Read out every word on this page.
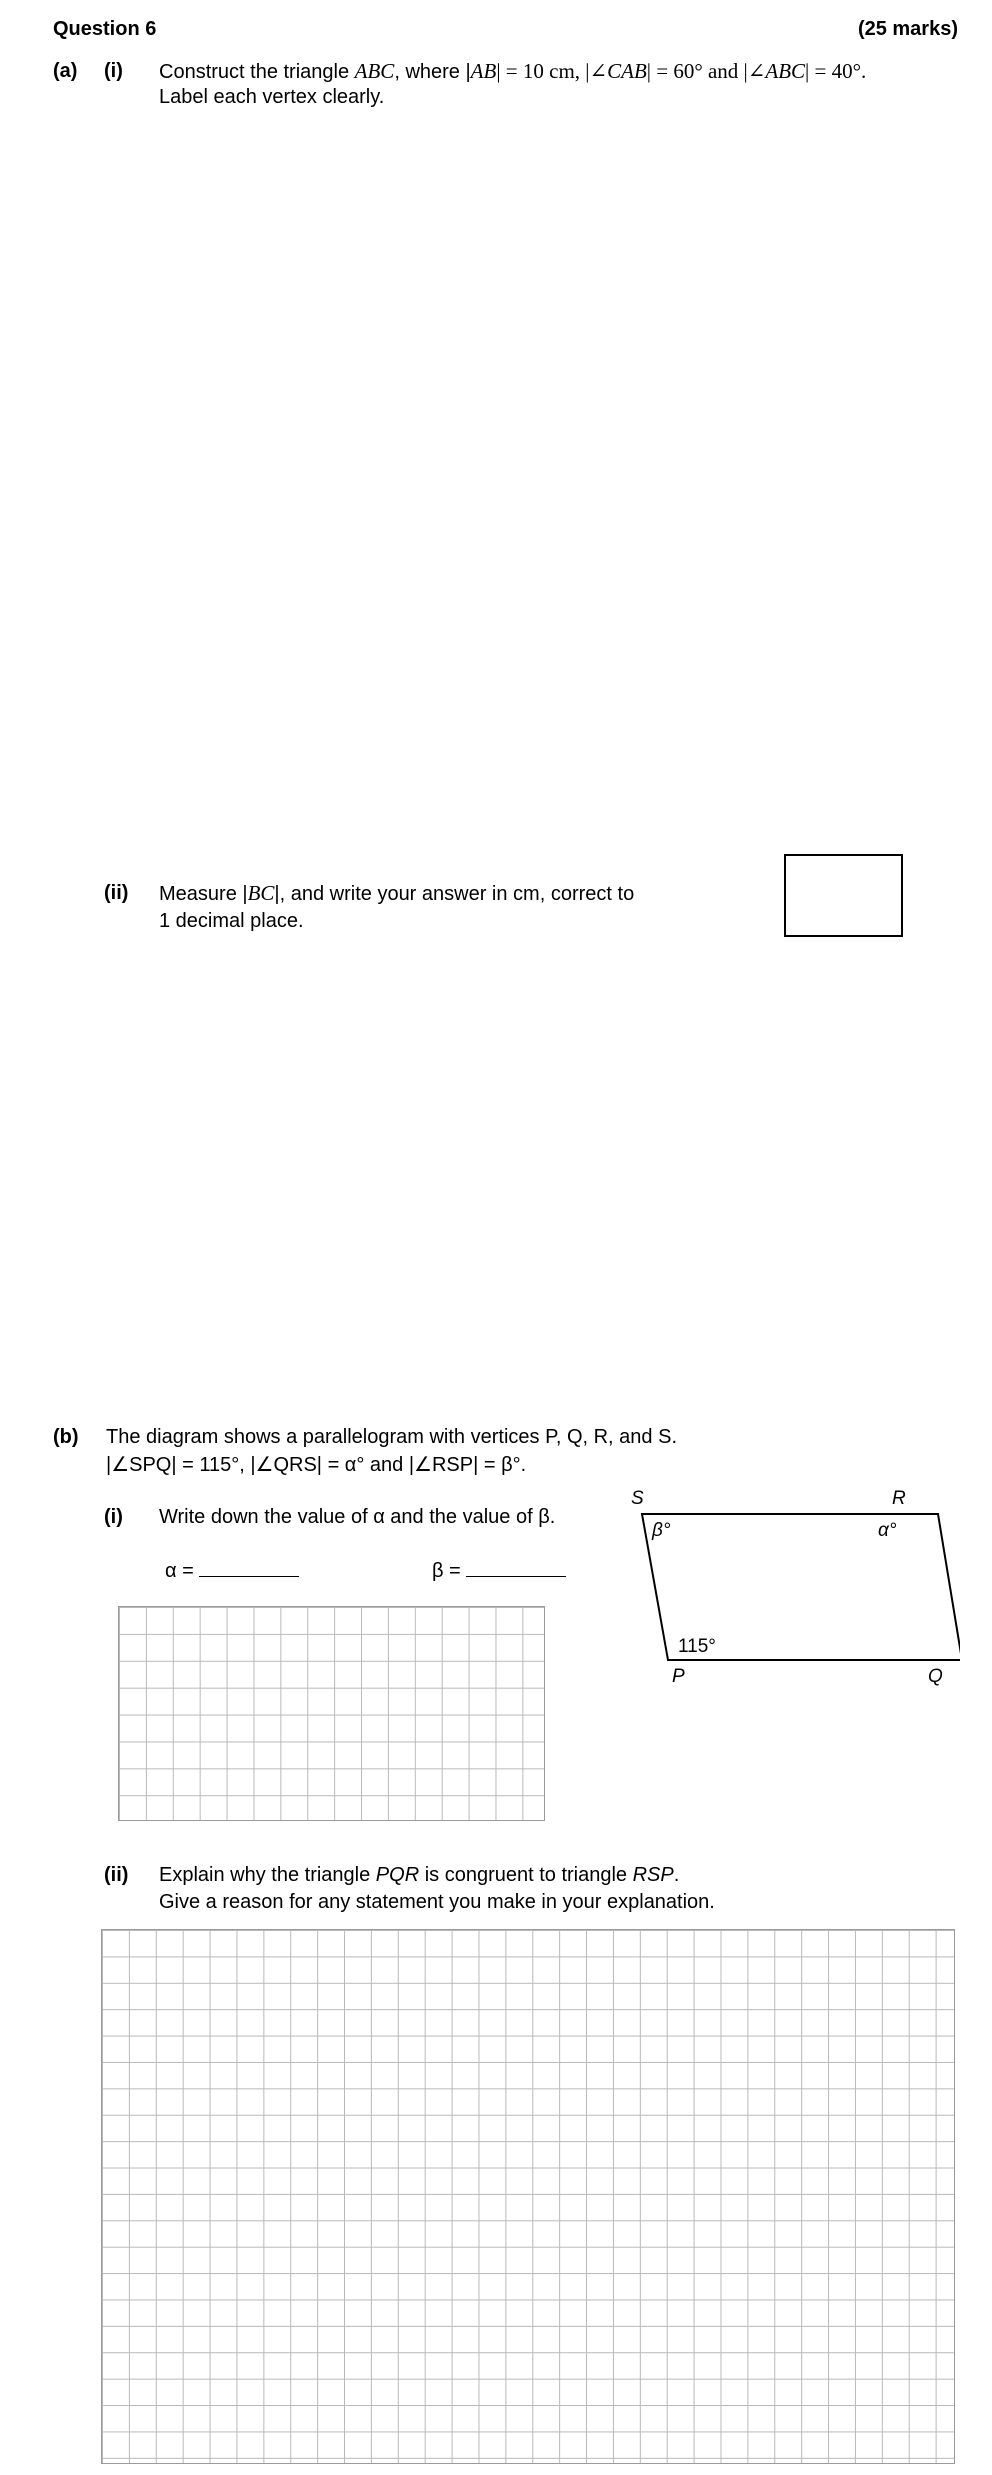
Question 6	(25 marks)
(a) (i) Construct the triangle ABC, where |AB| = 10 cm, |∠CAB| = 60° and |∠ABC| = 40°.
Label each vertex clearly.
(ii) Measure |BC|, and write your answer in cm, correct to
1 decimal place.
(b) The diagram shows a parallelogram with vertices P, Q, R, and S.
|∠SPQ| = 115°, |∠QRS| = α° and |∠RSP| = β°.
(i) Write down the value of α and the value of β.
α =	β =
S	R
P	Q
β°	α°
115°
(ii) Explain why the triangle PQR is congruent to triangle RSP.
Give a reason for any statement you make in your explanation.
